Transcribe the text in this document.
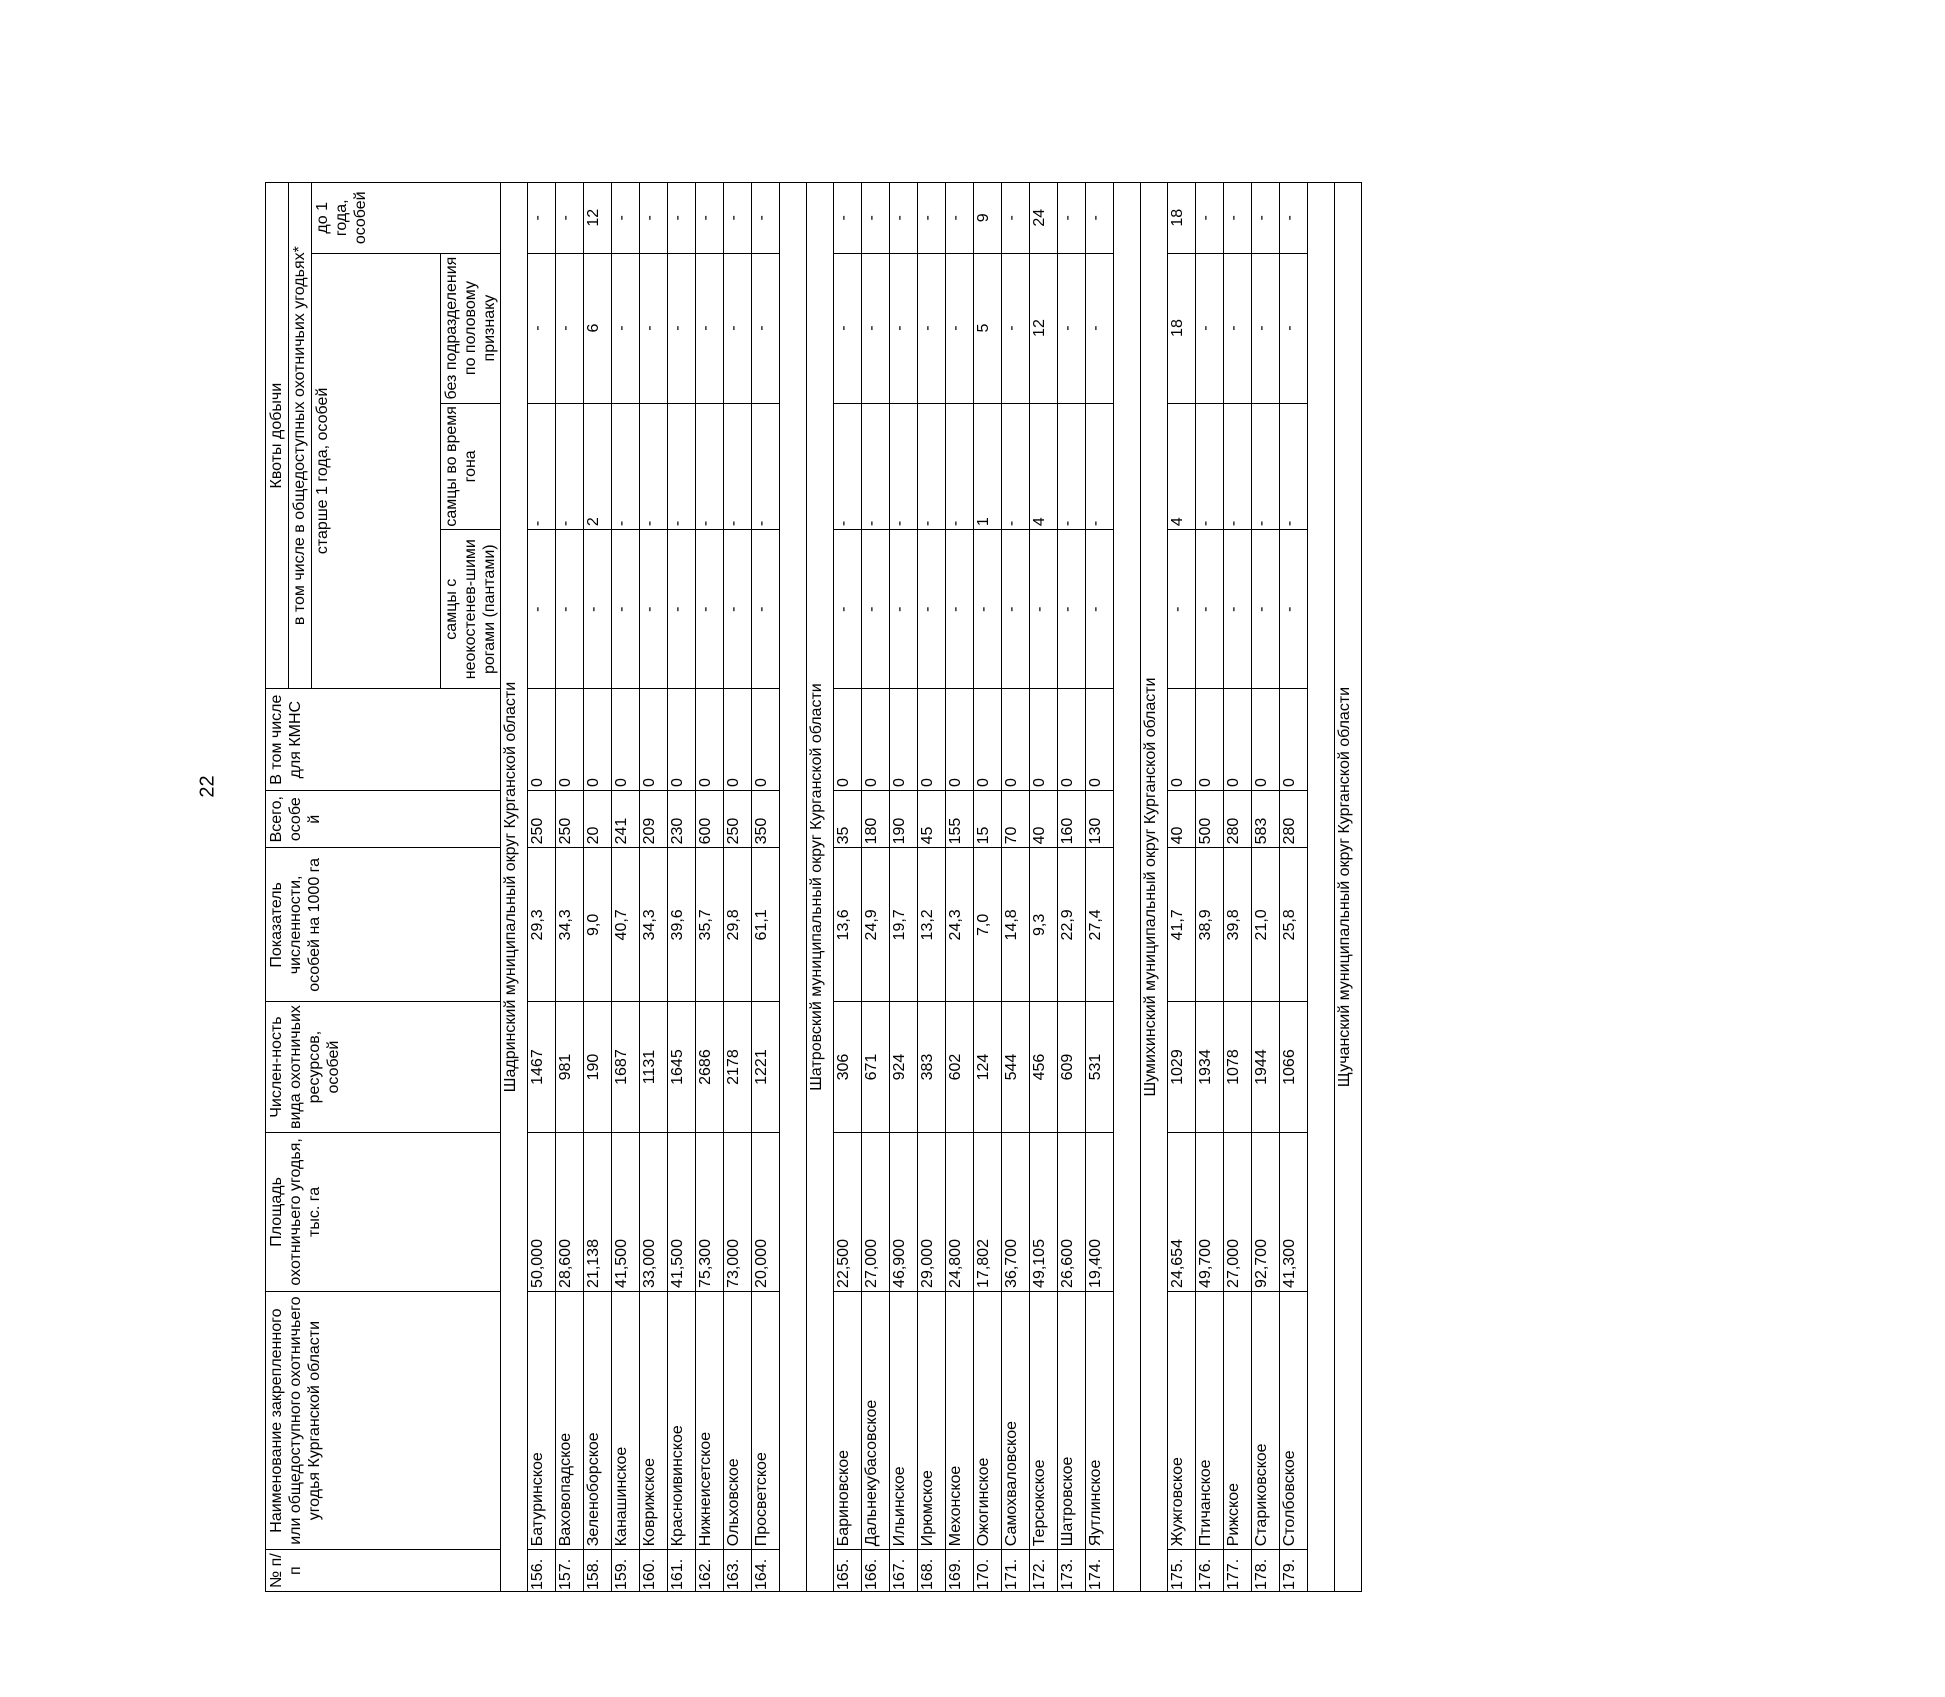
22
№ п/п	Наименование закрепленного или общедоступного охотничьего угодья Курганской области	Площадь охотничьего угодья, тыс. га	Числен-ность вида охотничьих ресурсов, особей	Показатель численности, особей на 1000 га	Всего, особе й	В том числе для КМНС	Квоты добычи			
							в том числе в общедоступных охотничьих угодьях*			
							старше 1 года, особей			до 1 года, особей
							самцы с неокостенев-шими рогами (пантами)	самцы во время гона	без подразделения по половому признаку	
Шадринский муниципальный округ Курганской области										
156.	Батуринское	50,000	1467	29,3	250	0	-	-	-	-
157.	Ваховопадское	28,600	981	34,3	250	0	-	-	-	-
158.	Зеленоборское	21,138	190	9,0	20	0	-	2	6	12
159.	Канашинское	41,500	1687	40,7	241	0	-	-	-	-
160.	Коврижское	33,000	1131	34,3	209	0	-	-	-	-
161.	Красноивинское	41,500	1645	39,6	230	0	-	-	-	-
162.	Нижнеисетское	75,300	2686	35,7	600	0	-	-	-	-
163.	Ольховское	73,000	2178	29,8	250	0	-	-	-	-
164.	Просветское	20,000	1221	61,1	350	0	-	-	-	-

Шатровский муниципальный округ Курганской области										
165.	Бариновское	22,500	306	13,6	35	0	-	-	-	-
166.	Дальнекубасовское	27,000	671	24,9	180	0	-	-	-	-
167.	Ильинское	46,900	924	19,7	190	0	-	-	-	-
168.	Ирюмское	29,000	383	13,2	45	0	-	-	-	-
169.	Мехонское	24,800	602	24,3	155	0	-	-	-	-
170.	Ожогинское	17,802	124	7,0	15	0	-	1	5	9
171.	Самохваловское	36,700	544	14,8	70	0	-	-	-	-
172.	Терсюкское	49,105	456	9,3	40	0	-	4	12	24
173.	Шатровское	26,600	609	22,9	160	0	-	-	-	-
174.	Яутлинское	19,400	531	27,4	130	0	-	-	-	-

Шумихинский муниципальный округ Курганской области										
175.	Жужговское	24,654	1029	41,7	40	0	-	4	18	18
176.	Птичанское	49,700	1934	38,9	500	0	-	-	-	-
177.	Рижское	27,000	1078	39,8	280	0	-	-	-	-
178.	Стариковское	92,700	1944	21,0	583	0	-	-	-	-
179.	Столбовское	41,300	1066	25,8	280	0	-	-	-	-

Щучанский муниципальный округ Курганской области										
